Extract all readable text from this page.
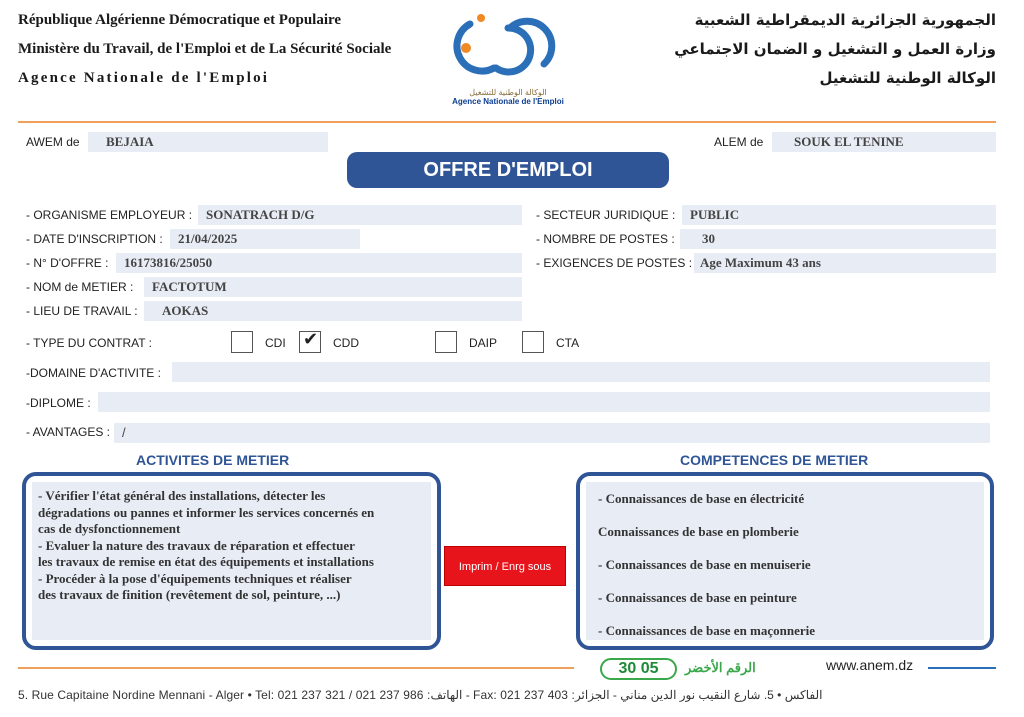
République Algérienne Démocratique et Populaire
Ministère du Travail, de l'Emploi et de La Sécurité Sociale
Agence Nationale de l'Emploi
الوكالة الوطنية للتشغيل
Agence Nationale de l'Emploi
الجمهورية الجزائرية الديمقراطية الشعبية
وزارة العمل و التشغيل و الضمان الاجتماعي
الوكالة الوطنية للتشغيل
AWEM de	BEJAIA	ALEM de	SOUK EL TENINE
OFFRE D'EMPLOI
- ORGANISME EMPLOYEUR :	SONATRACH D/G
- DATE D'INSCRIPTION :	21/04/2025
- N° D'OFFRE :	16173816/25050
- NOM de METIER :	FACTOTUM
- LIEU DE TRAVAIL :	AOKAS
- SECTEUR JURIDIQUE :	PUBLIC
- NOMBRE DE POSTES :	30
- EXIGENCES DE POSTES : Age Maximum 43 ans
- TYPE DU CONTRAT :	CDI ✔ CDD	DAIP	CTA
-DOMAINE D'ACTIVITE :
-DIPLOME :
- AVANTAGES : /
ACTIVITES DE METIER	COMPETENCES DE METIER
- Vérifier l'état général des installations, détecter les
dégradations ou pannes et informer les services concernés en
cas de dysfonctionnement
- Evaluer la nature des travaux de réparation et effectuer
les travaux de remise en état des équipements et installations
- Procéder à la pose d'équipements techniques et réaliser
des travaux de finition (revêtement de sol, peinture, ...)
Imprim / Enrg sous
- Connaissances de base en électricité
Connaissances de base en plomberie
- Connaissances de base en menuiserie
- Connaissances de base en peinture
- Connaissances de base en maçonnerie
30 05	الرقم الأخضر	www.anem.dz
5. Rue Capitaine Nordine Mennani - Alger • Tel: 021 237 321 / 021 237 986 :الهاتف - Fax: 021 237 403 :الفاكس • 5. شارع النقيب نور الدين مناني - الجزائر
